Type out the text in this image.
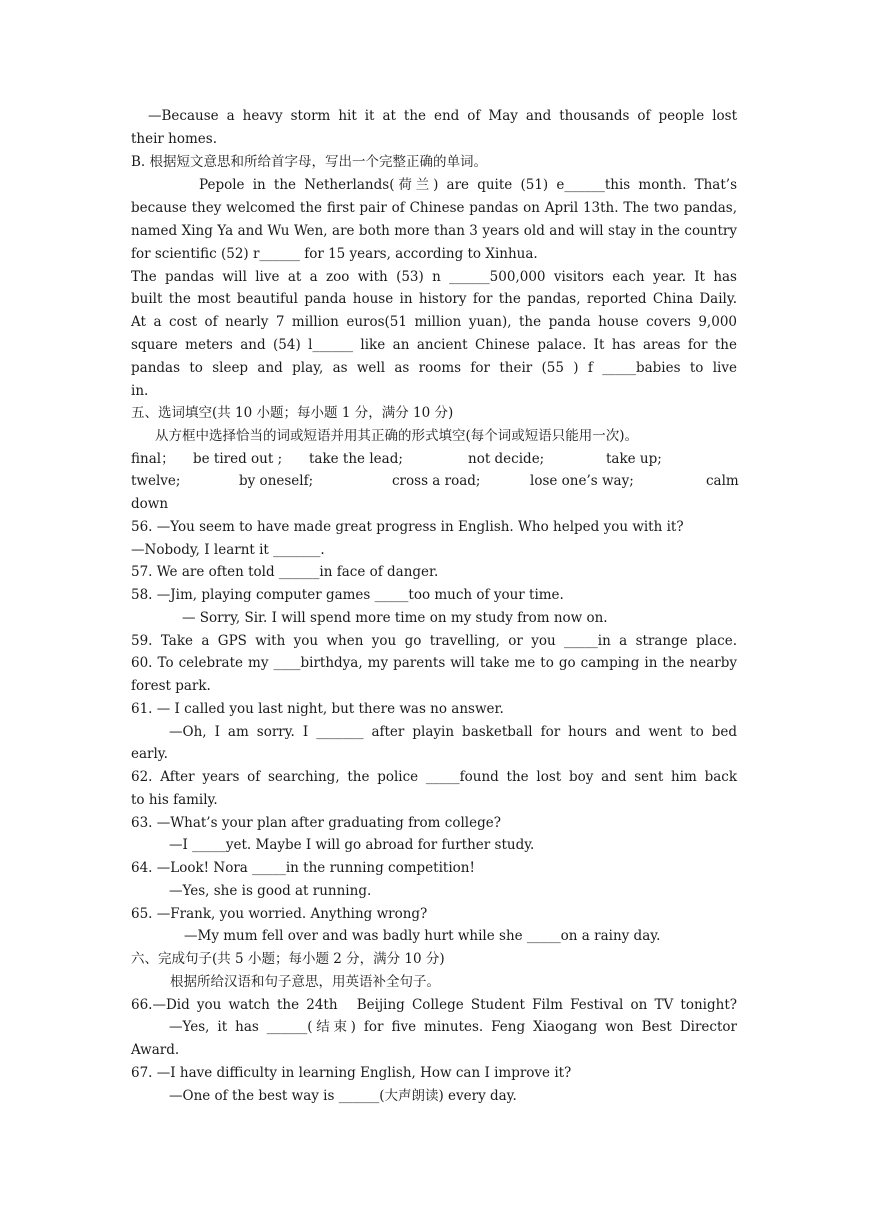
—Because a heavy storm hit it at the end of May and thousands of people lost
their homes.
B. 根据短文意思和所给首字母，写出一个完整正确的单词。
Pepole in the Netherlands(荷兰) are quite (51) e______this month. That’s
because they welcomed the first pair of Chinese pandas on April 13th. The two pandas,
named Xing Ya and Wu Wen, are both more than 3 years old and will stay in the country
for scientific (52) r______ for 15 years, according to Xinhua.
The pandas will live at a zoo with (53) n ______500,000 visitors each year. It has
built the most beautiful panda house in history for the pandas, reported China Daily.
At a cost of nearly 7 million euros(51 million yuan), the panda house covers 9,000
square meters and (54) l______ like an ancient Chinese palace. It has areas for the
pandas to sleep and play, as well as rooms for their (55 ) f _____babies to live
in.
五、选词填空(共 10 小题；每小题 1 分，满分 10 分)
从方框中选择恰当的词或短语并用其正确的形式填空(每个词或短语只能用一次)。
final； be tired out ; take the lead;	not decide;	take up;
twelve;	by oneself;	cross a road;	lose one’s way;	calm
down
56. —You seem to have made great progress in English. Who helped you with it?
—Nobody, I learnt it _______.
57. We are often told ______in face of danger.
58. —Jim, playing computer games _____too much of your time.
— Sorry, Sir. I will spend more time on my study from now on.
59. Take a GPS with you when you go travelling, or you _____in a strange place.
60. To celebrate my ____birthdya, my parents will take me to go camping in the nearby
forest park.
61. — I called you last night, but there was no answer.
—Oh, I am sorry. I _______ after playin basketball for hours and went to bed
early.
62. After years of searching, the police _____found the lost boy and sent him back
to his family.
63. —What’s your plan after graduating from college?
—I _____yet. Maybe I will go abroad for further study.
64. —Look! Nora _____in the running competition!
—Yes, she is good at running.
65. —Frank, you worried. Anything wrong?
—My mum fell over and was badly hurt while she _____on a rainy day.
六、完成句子(共 5 小题；每小题 2 分，满分 10 分)
根据所给汉语和句子意思，用英语补全句子。
66.—Did you watch the 24th　Beijing College Student Film Festival on TV tonight?
—Yes, it has ______(结束) for five minutes. Feng Xiaogang won Best Director
Award.
67. —I have difficulty in learning English, How can I improve it?
—One of the best way is ______(大声朗读) every day.
